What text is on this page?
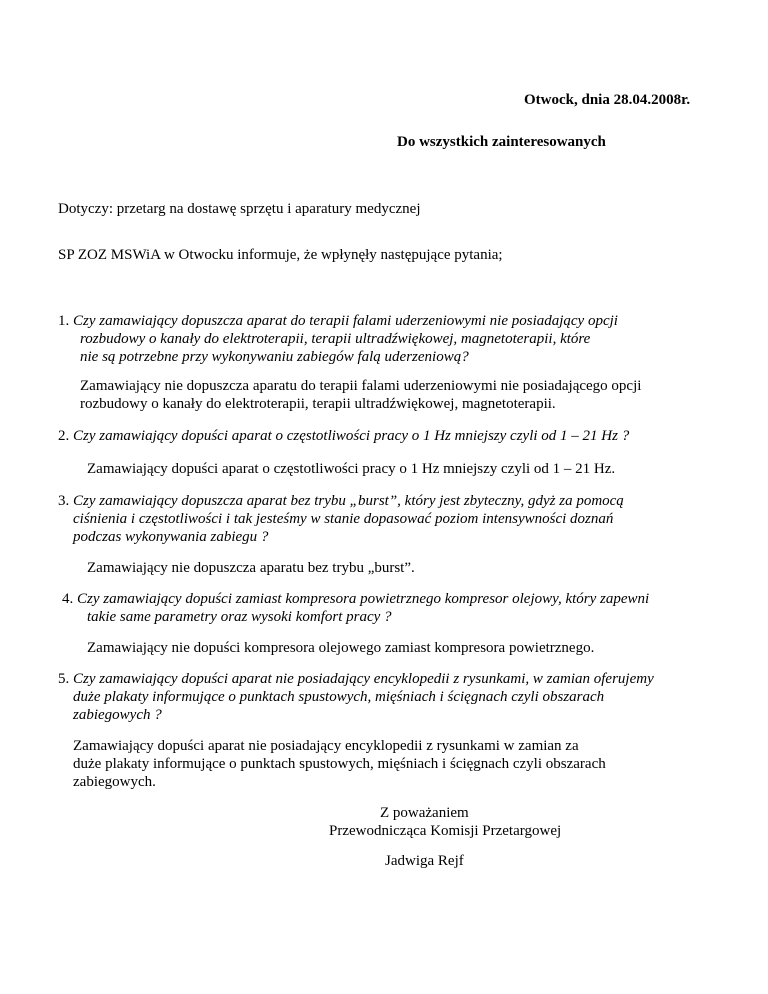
Otwock, dnia 28.04.2008r.
Do wszystkich zainteresowanych
Dotyczy: przetarg na dostawę sprzętu i aparatury medycznej
SP ZOZ MSWiA w Otwocku informuje, że wpłynęły następujące pytania;
1. Czy zamawiający dopuszcza aparat do terapii falami uderzeniowymi nie posiadający opcji
rozbudowy o kanały do elektroterapii, terapii ultradźwiękowej, magnetoterapii, które
nie są potrzebne przy wykonywaniu zabiegów falą uderzeniową?
Zamawiający nie dopuszcza aparatu do terapii falami uderzeniowymi nie posiadającego opcji
rozbudowy o kanały do elektroterapii, terapii ultradźwiękowej, magnetoterapii.
2. Czy zamawiający dopuści aparat o częstotliwości pracy o 1 Hz mniejszy czyli od 1 – 21 Hz ?
Zamawiający dopuści aparat o częstotliwości pracy o 1 Hz mniejszy czyli od 1 – 21 Hz.
3. Czy zamawiający dopuszcza aparat bez trybu „burst”, który jest zbyteczny, gdyż za pomocą
ciśnienia i częstotliwości i tak jesteśmy w stanie dopasować poziom intensywności doznań
podczas wykonywania zabiegu ?
Zamawiający nie dopuszcza aparatu bez trybu „burst”.
4. Czy zamawiający dopuści zamiast kompresora powietrznego kompresor olejowy, który zapewni
takie same parametry oraz wysoki komfort pracy ?
Zamawiający nie dopuści kompresora olejowego zamiast kompresora powietrznego.
5. Czy zamawiający dopuści aparat nie posiadający encyklopedii z rysunkami, w zamian oferujemy
duże plakaty informujące o punktach spustowych, mięśniach i ścięgnach czyli obszarach
zabiegowych ?
Zamawiający dopuści aparat nie posiadający encyklopedii z rysunkami w zamian za
duże plakaty informujące o punktach spustowych, mięśniach i ścięgnach czyli obszarach
zabiegowych.
Z poważaniem
Przewodnicząca Komisji Przetargowej
Jadwiga Rejf
